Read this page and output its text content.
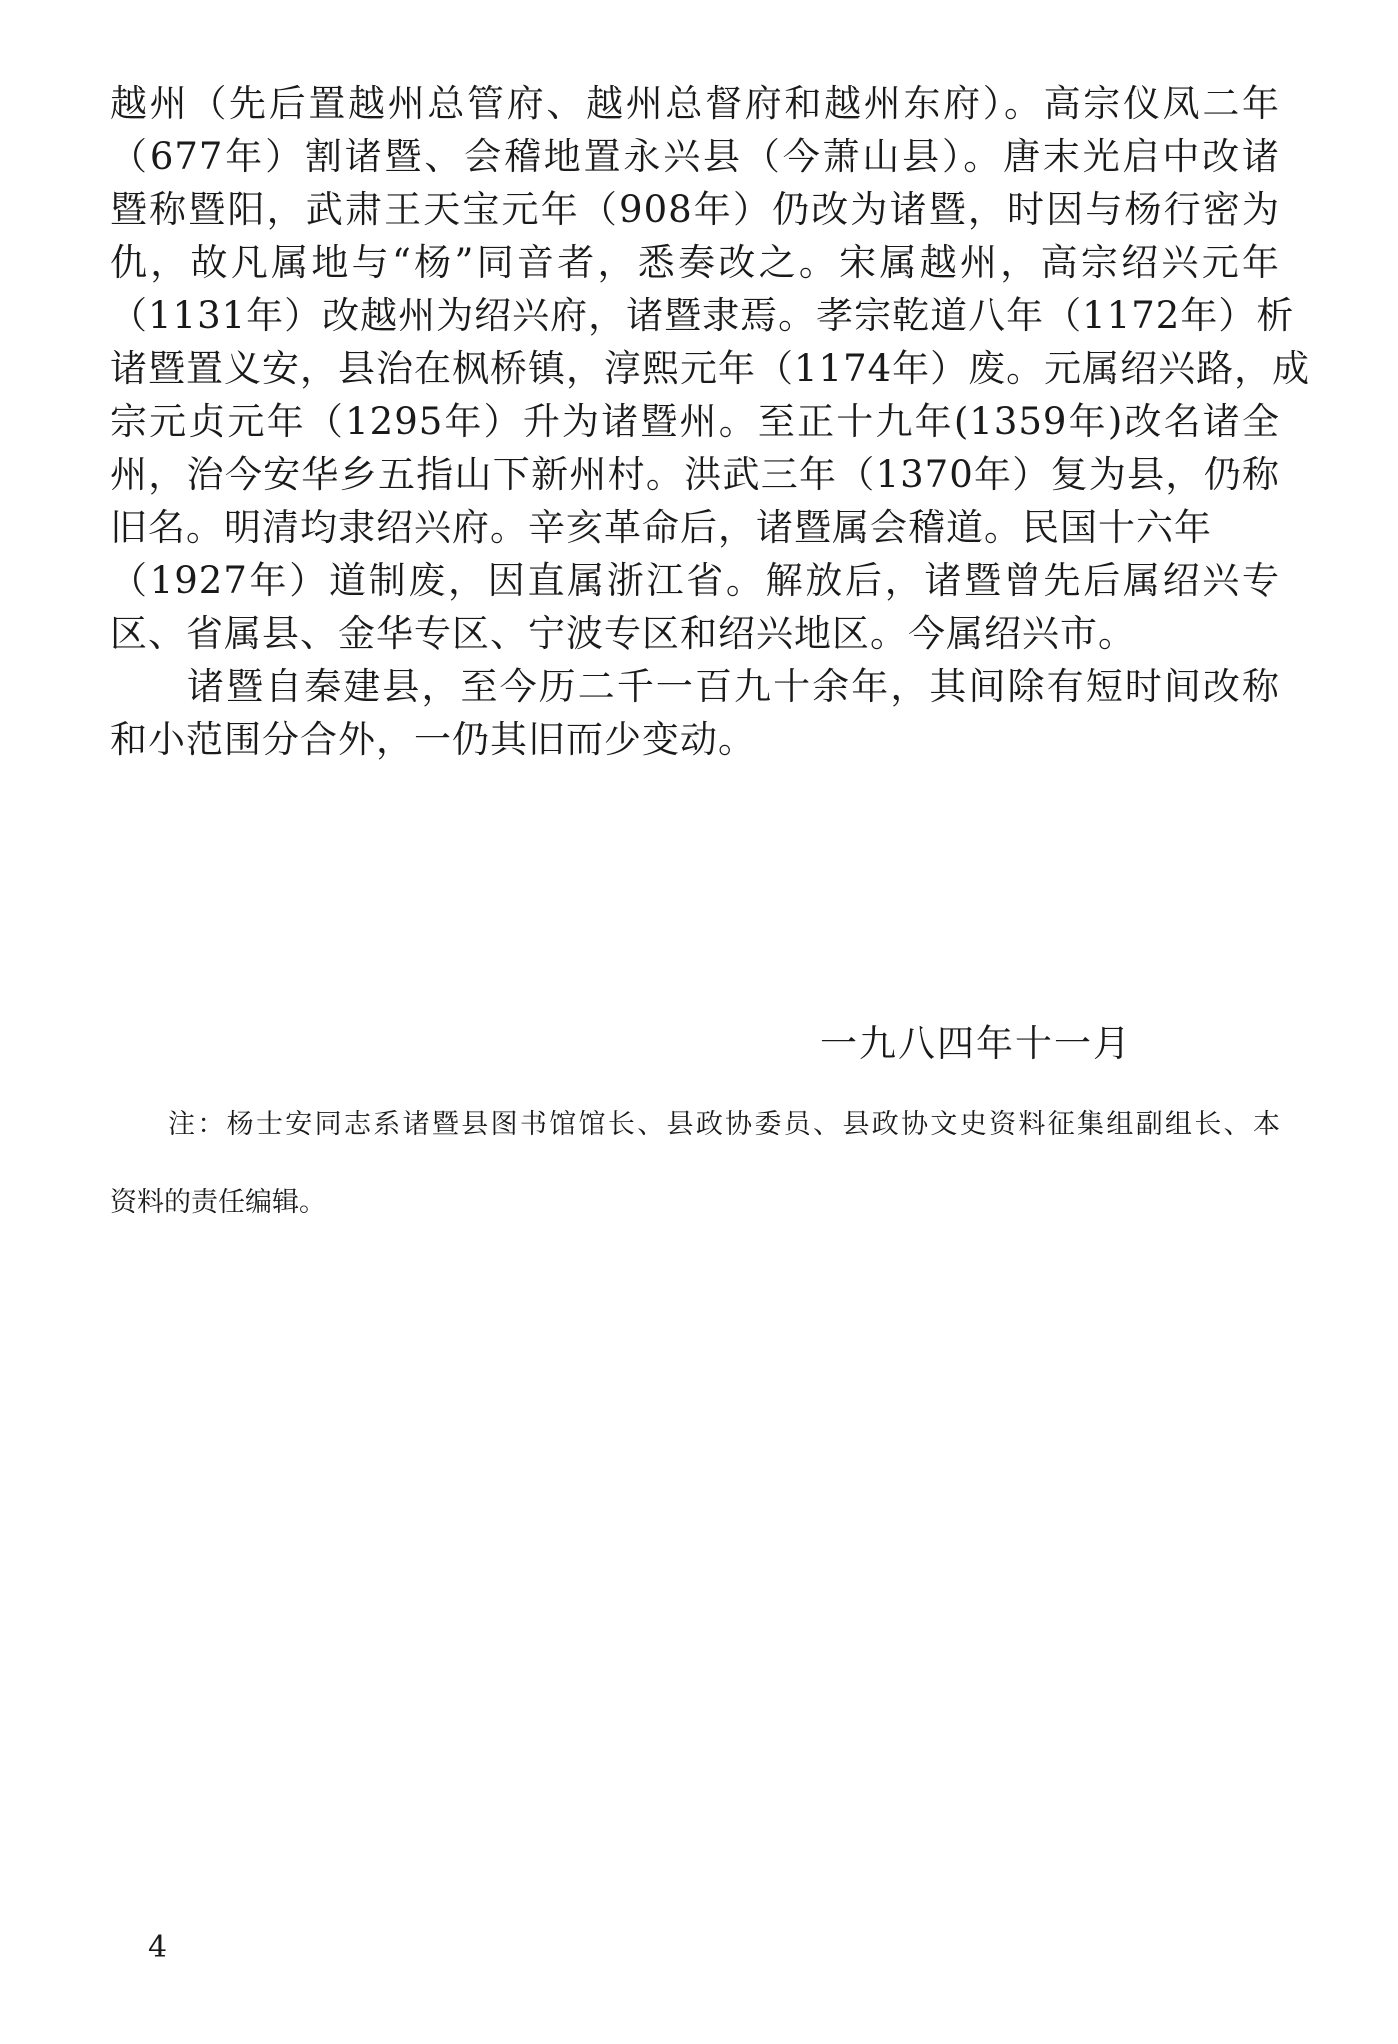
越州（先后置越州总管府、越州总督府和越州东府）。高宗仪凤二年
（677年）割诸暨、会稽地置永兴县（今萧山县）。唐末光启中改诸
暨称暨阳，武肃王天宝元年（908年）仍改为诸暨，时因与杨行密为
仇，故凡属地与“杨”同音者，悉奏改之。宋属越州，高宗绍兴元年
（1131年）改越州为绍兴府，诸暨隶焉。孝宗乾道八年（1172年）析
诸暨置义安，县治在枫桥镇，淳熙元年（1174年）废。元属绍兴路，成
宗元贞元年（1295年）升为诸暨州。至正十九年(1359年)改名诸全
州，治今安华乡五指山下新州村。洪武三年（1370年）复为县，仍称
旧名。明清均隶绍兴府。辛亥革命后，诸暨属会稽道。民国十六年
（1927年）道制废，因直属浙江省。解放后，诸暨曾先后属绍兴专
区、省属县、金华专区、宁波专区和绍兴地区。今属绍兴市。
诸暨自秦建县，至今历二千一百九十余年，其间除有短时间改称
和小范围分合外，一仍其旧而少变动。
一九八四年十一月
注：杨士安同志系诸暨县图书馆馆长、县政协委员、县政协文史资料征集组副组长、本
资料的责任编辑。
4
